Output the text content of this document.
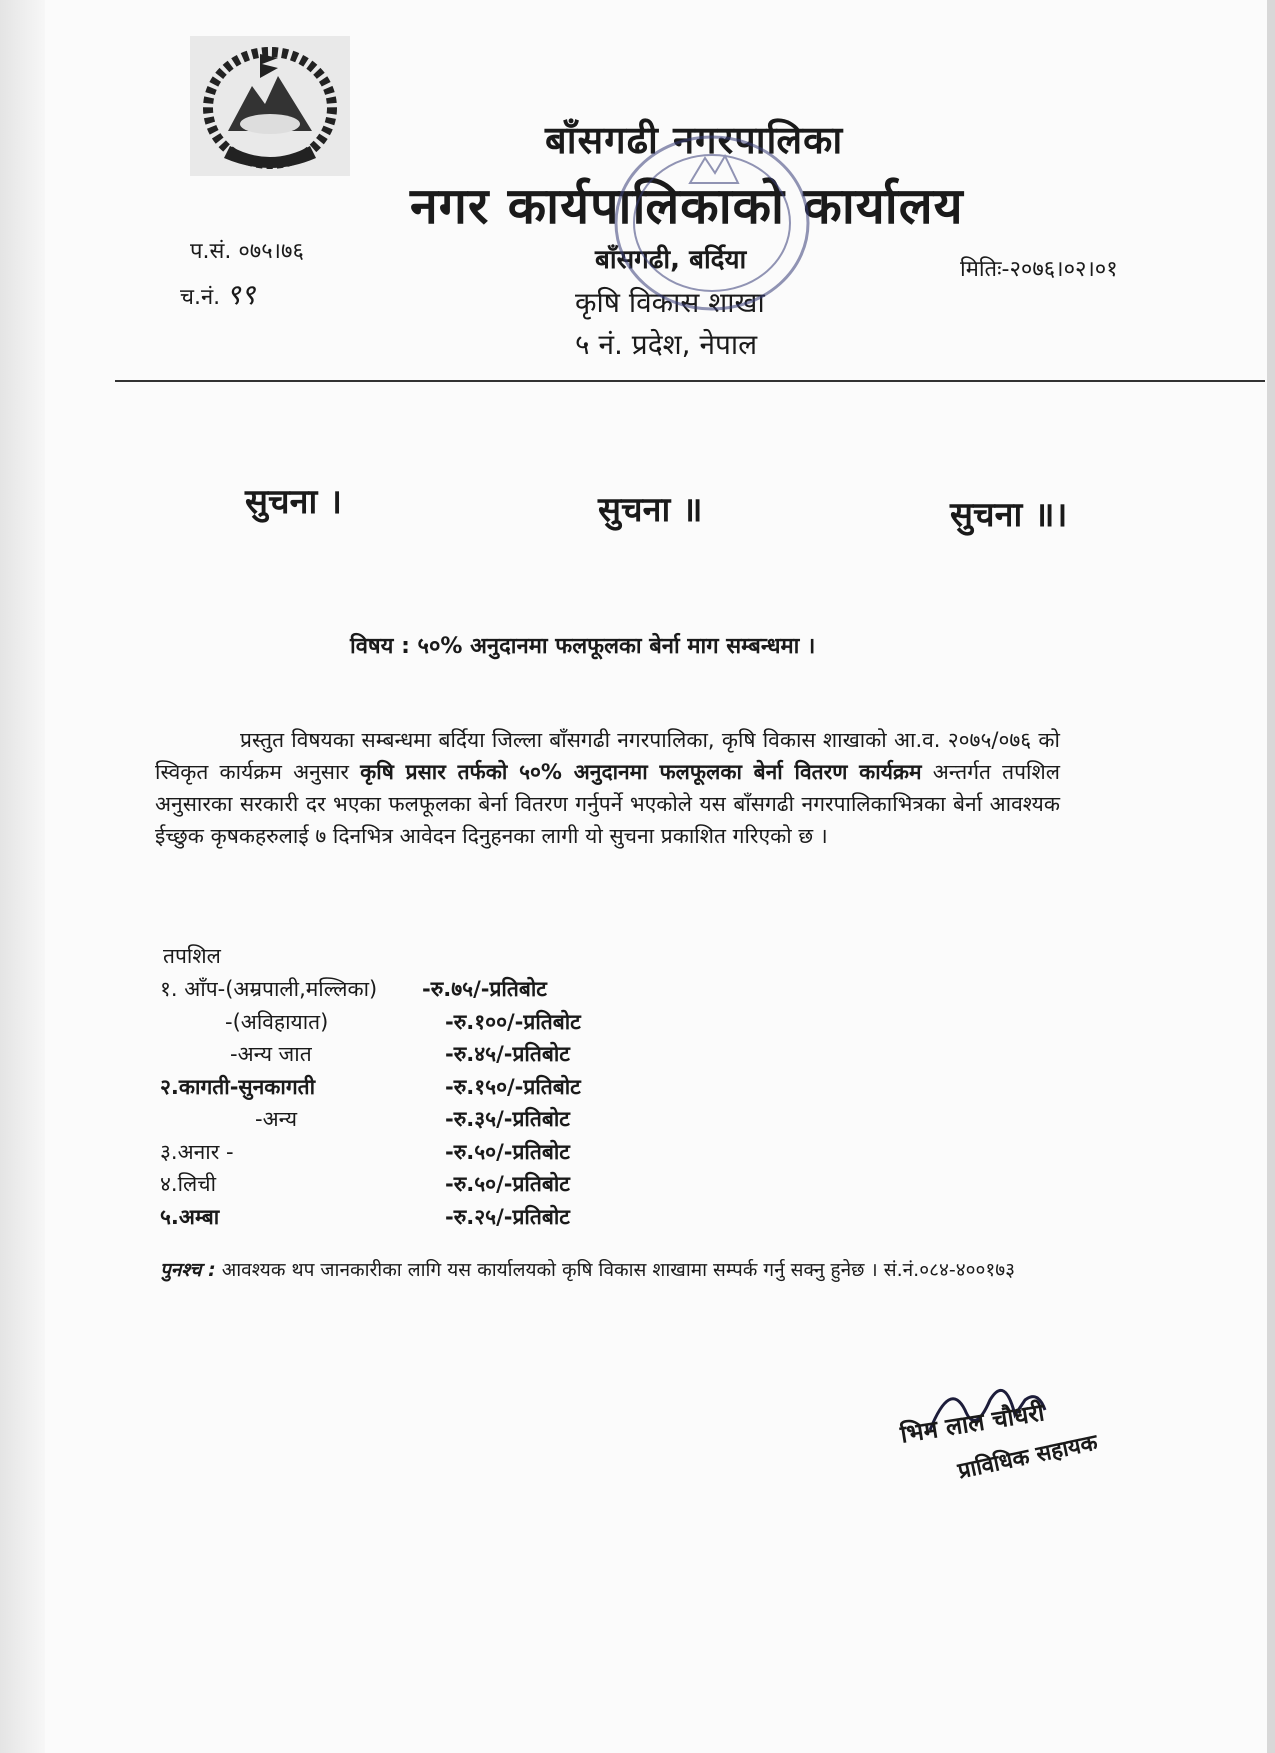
बाँसगढी नगरपालिका
नगर कार्यपालिकाको कार्यालय
बाँसगढी, बर्दिया
कृषि विकास शाखा
५ नं. प्रदेश, नेपाल
प.सं. ०७५।७६
च.नं. ९९
मितिः-२०७६।०२।०१
सुचना ।	सुचना ॥	सुचना ॥।
विषय : ५०% अनुदानमा फलफूलका बेर्ना माग सम्बन्धमा ।
प्रस्तुत विषयका सम्बन्धमा बर्दिया जिल्ला बाँसगढी नगरपालिका, कृषि विकास शाखाको आ.व. २०७५/०७६ को स्विकृत कार्यक्रम अनुसार कृषि प्रसार तर्फको ५०% अनुदानमा फलफूलका बेर्ना वितरण कार्यक्रम अन्तर्गत तपशिल अनुसारका सरकारी दर भएका फलफूलका बेर्ना वितरण गर्नुपर्ने भएकोले यस बाँसगढी नगरपालिकाभित्रका बेर्ना आवश्यक ईच्छुक कृषकहरुलाई ७ दिनभित्र आवेदन दिनुहनका लागी यो सुचना प्रकाशित गरिएको छ ।
तपशिल
१. आँप-(अम्रपाली,मल्लिका) -रु.७५/-प्रतिबोट
-(अविहायात)	-रु.१००/-प्रतिबोट
-अन्य जात	-रु.४५/-प्रतिबोट
२.कागती-सुनकागती	-रु.१५०/-प्रतिबोट
-अन्य	-रु.३५/-प्रतिबोट
३.अनार -	-रु.५०/-प्रतिबोट
४.लिची	-रु.५०/-प्रतिबोट
५.अम्बा	-रु.२५/-प्रतिबोट
पुनश्च : आवश्यक थप जानकारीका लागि यस कार्यालयको कृषि विकास शाखामा सम्पर्क गर्नु सक्नु हुनेछ । सं.नं.०८४-४००१७३
भिम लाल चौधरी
प्राविधिक सहायक
